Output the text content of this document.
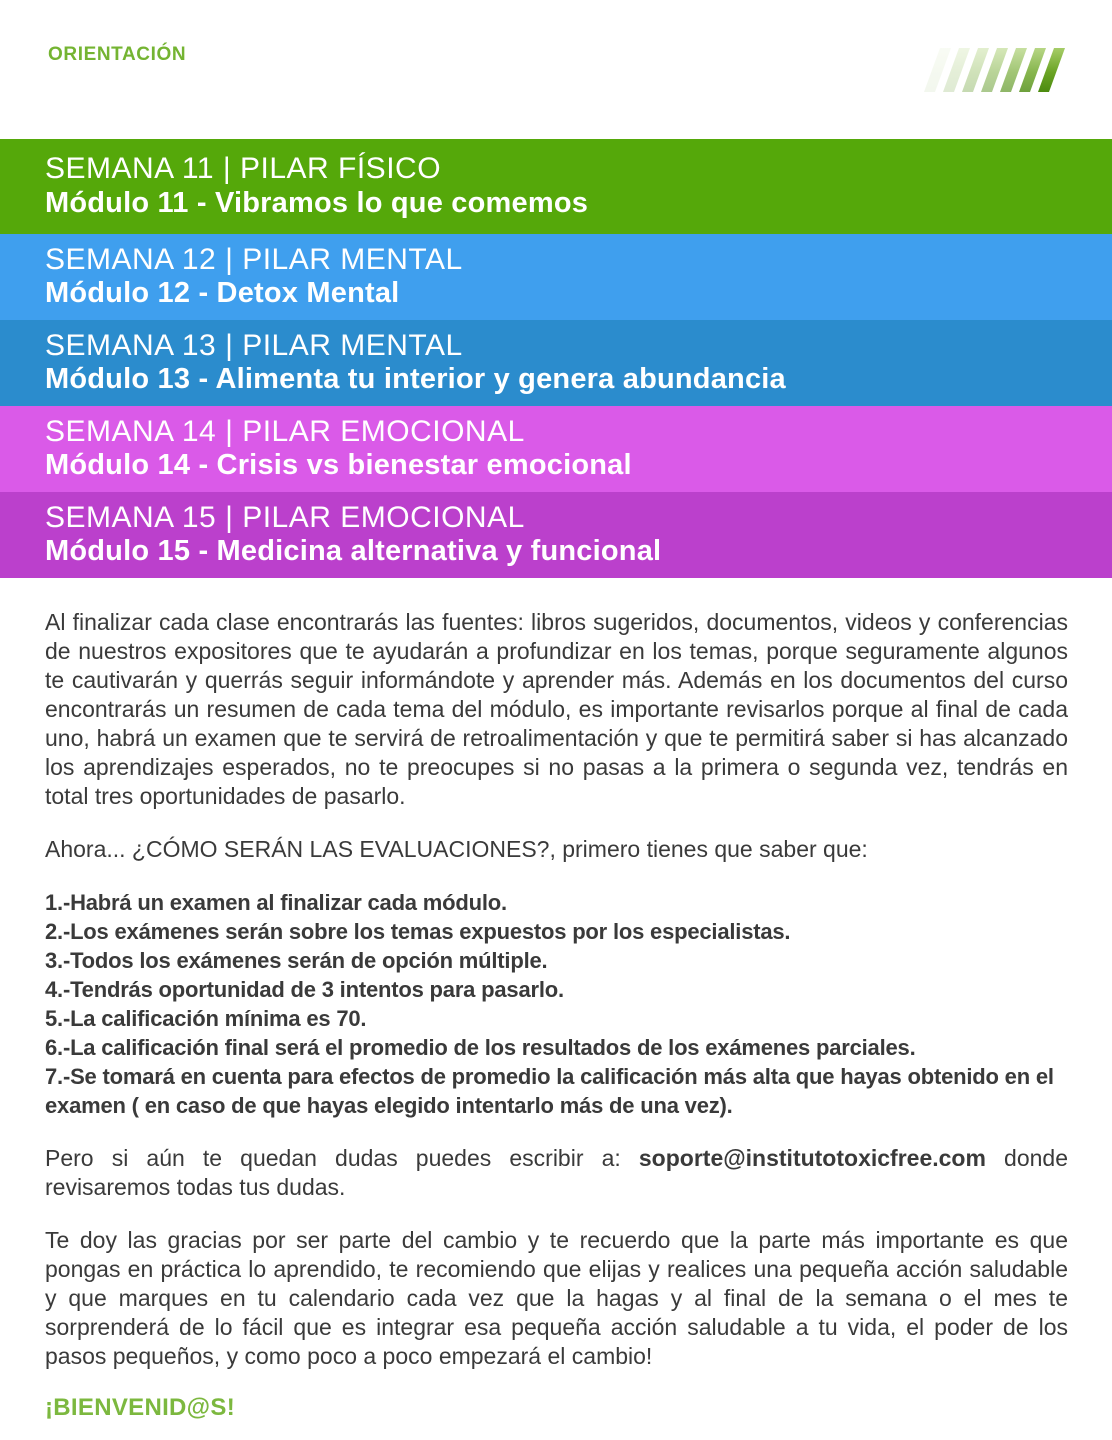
ORIENTACIÓN
SEMANA 11 | PILAR FÍSICO
Módulo 11 - Vibramos lo que comemos
SEMANA 12 | PILAR MENTAL
Módulo 12 - Detox Mental
SEMANA 13 | PILAR MENTAL
Módulo 13 - Alimenta tu interior y genera abundancia
SEMANA 14 | PILAR EMOCIONAL
Módulo 14 - Crisis vs bienestar emocional
SEMANA 15 | PILAR EMOCIONAL
Módulo 15 - Medicina alternativa y funcional

Al finalizar cada clase encontrarás las fuentes: libros sugeridos, documentos, videos y conferencias de nuestros expositores que te ayudarán a profundizar en los temas, porque seguramente algunos te cautivarán y querrás seguir informándote y aprender más. Además en los documentos del curso encontrarás un resumen de cada tema del módulo, es importante revisarlos porque al final de cada uno, habrá un examen que te servirá de retroalimentación y que te permitirá saber si has alcanzado los aprendizajes esperados, no te preocupes si no pasas a la primera o segunda vez, tendrás en total tres oportunidades de pasarlo.

Ahora... ¿CÓMO SERÁN LAS EVALUACIONES?, primero tienes que saber que:

1.-Habrá un examen al finalizar cada módulo.

2.-Los exámenes serán sobre los temas expuestos por los especialistas.

3.-Todos los exámenes serán de opción múltiple.

4.-Tendrás oportunidad de 3 intentos para pasarlo.

5.-La calificación mínima es 70.

6.-La calificación final será el promedio de los resultados de los exámenes parciales.

7.-Se tomará en cuenta para efectos de promedio la calificación más alta que hayas obtenido en el examen ( en caso de que hayas elegido intentarlo más de una vez).

Pero si aún te quedan dudas puedes escribir a: soporte@institutotoxicfree.com donde revisaremos todas tus dudas.

Te doy las gracias por ser parte del cambio y te recuerdo que la parte más importante es que pongas en práctica lo aprendido, te recomiendo que elijas y realices una pequeña acción saludable y que marques en tu calendario cada vez que la hagas y al final de la semana o el mes te sorprenderá de lo fácil que es integrar esa pequeña acción saludable a tu vida, el poder de los pasos pequeños, y como poco a poco empezará el cambio!

¡BIENVENID@S!
